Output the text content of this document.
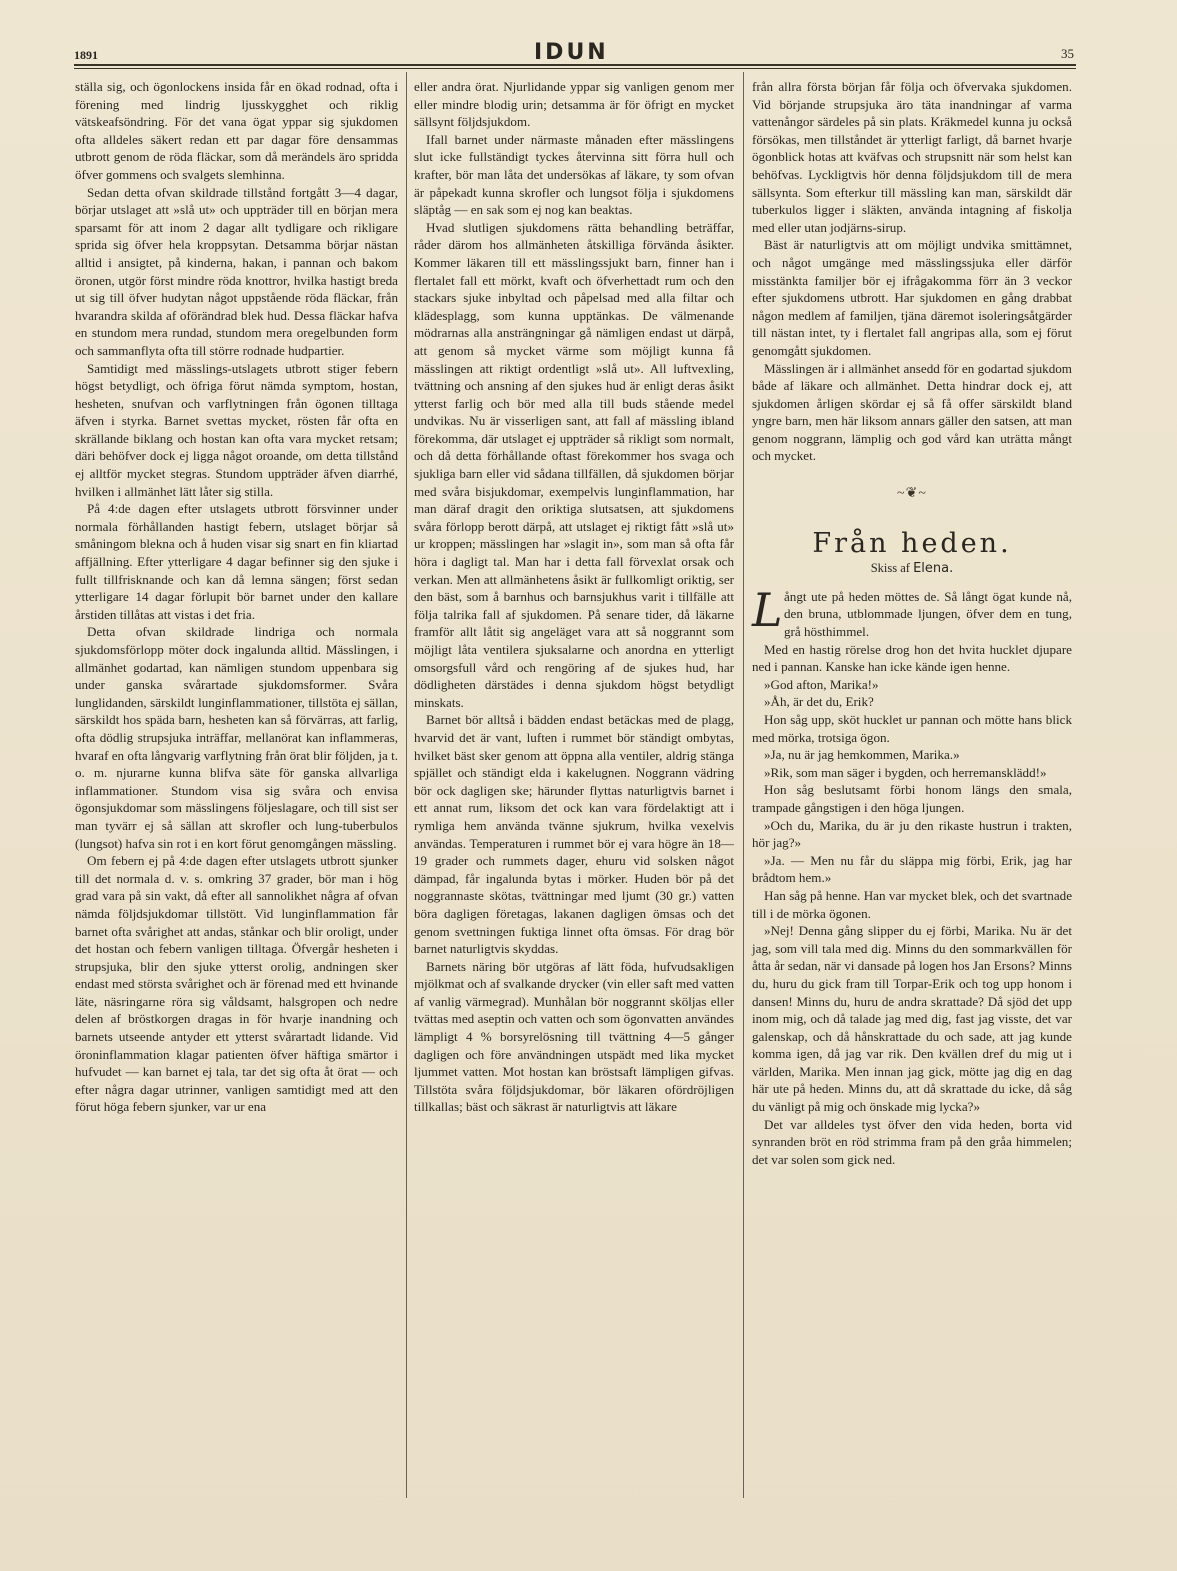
1891	IDUN	35

ställa sig, och ögonlockens insida får en ökad rodnad, ofta i förening med lindrig ljusskygghet och riklig vätskeafsöndring. För det vana ögat yppar sig sjukdomen ofta alldeles säkert redan ett par dagar före densammas utbrott genom de röda fläckar, som då merändels äro spridda öfver gommens och svalgets slemhinna.

Sedan detta ofvan skildrade tillstånd fortgått 3—4 dagar, börjar utslaget att »slå ut» och uppträder till en början mera sparsamt för att inom 2 dagar allt tydligare och rikligare sprida sig öfver hela kroppsytan. Detsamma börjar nästan alltid i ansigtet, på kinderna, hakan, i pannan och bakom öronen, utgör först mindre röda knottror, hvilka hastigt breda ut sig till öfver hudytan något uppstående röda fläckar, från hvarandra skilda af oförändrad blek hud. Dessa fläckar hafva en stundom mera rundad, stundom mera oregelbunden form och sammanflyta ofta till större rodnade hudpartier.

Samtidigt med mässlings-utslagets utbrott stiger febern högst betydligt, och öfriga förut nämda symptom, hostan, hesheten, snufvan och varflytningen från ögonen tilltaga äfven i styrka. Barnet svettas mycket, rösten får ofta en skrällande biklang och hostan kan ofta vara mycket retsam; däri behöfver dock ej ligga något oroande, om detta tillstånd ej alltför mycket stegras. Stundom uppträder äfven diarrhé, hvilken i allmänhet lätt låter sig stilla.

På 4:de dagen efter utslagets utbrott försvinner under normala förhållanden hastigt febern, utslaget börjar så småningom blekna och å huden visar sig snart en fin kliartad affjällning. Efter ytterligare 4 dagar befinner sig den sjuke i fullt tillfrisknande och kan då lemna sängen; först sedan ytterligare 14 dagar förlupit bör barnet under den kallare årstiden tillåtas att vistas i det fria.

Detta ofvan skildrade lindriga och normala sjukdomsförlopp möter dock ingalunda alltid. Mässlingen, i allmänhet godartad, kan nämligen stundom uppenbara sig under ganska svårartade sjukdomsformer. Svåra lunglidanden, särskildt lunginflammationer, tillstöta ej sällan, särskildt hos späda barn, hesheten kan så förvärras, att farlig, ofta dödlig strupsjuka inträffar, mellanörat kan inflammeras, hvaraf en ofta långvarig varflytning från örat blir följden, ja t. o. m. njurarne kunna blifva säte för ganska allvarliga inflammationer. Stundom visa sig svåra och envisa ögonsjukdomar som mässlingens följeslagare, och till sist ser man tyvärr ej så sällan att skrofler och lung-tuberbulos (lungsot) hafva sin rot i en kort förut genomgången mässling.

Om febern ej på 4:de dagen efter utslagets utbrott sjunker till det normala d. v. s. omkring 37 grader, bör man i hög grad vara på sin vakt, då efter all sannolikhet några af ofvan nämda följdsjukdomar tillstött. Vid lunginflammation får barnet ofta svårighet att andas, stånkar och blir oroligt, under det hostan och febern vanligen tilltaga. Öfvergår hesheten i strupsjuka, blir den sjuke ytterst orolig, andningen sker endast med största svårighet och är förenad med ett hvinande läte, näsringarne röra sig våldsamt, halsgropen och nedre delen af bröstkorgen dragas in för hvarje inandning och barnets utseende antyder ett ytterst svårartadt lidande. Vid öroninflammation klagar patienten öfver häftiga smärtor i hufvudet — kan barnet ej tala, tar det sig ofta åt örat — och efter några dagar utrinner, vanligen samtidigt med att den förut höga febern sjunker, var ur ena

eller andra örat. Njurlidande yppar sig vanligen genom mer eller mindre blodig urin; detsamma är för öfrigt en mycket sällsynt följdsjukdom.

Ifall barnet under närmaste månaden efter mässlingens slut icke fullständigt tyckes återvinna sitt förra hull och krafter, bör man låta det undersökas af läkare, ty som ofvan är påpekadt kunna skrofler och lungsot följa i sjukdomens släptåg — en sak som ej nog kan beaktas.

Hvad slutligen sjukdomens rätta behandling beträffar, råder därom hos allmänheten åtskilliga förvända åsikter. Kommer läkaren till ett mässlingssjukt barn, finner han i flertalet fall ett mörkt, kvaft och öfverhettadt rum och den stackars sjuke inbyltad och påpelsad med alla filtar och klädesplagg, som kunna upptänkas. De välmenande mödrarnas alla ansträngningar gå nämligen endast ut därpå, att genom så mycket värme som möjligt kunna få mässlingen att riktigt ordentligt »slå ut». All luftvexling, tvättning och ansning af den sjukes hud är enligt deras åsikt ytterst farlig och bör med alla till buds stående medel undvikas. Nu är visserligen sant, att fall af mässling ibland förekomma, där utslaget ej uppträder så rikligt som normalt, och då detta förhållande oftast förekommer hos svaga och sjukliga barn eller vid sådana tillfällen, då sjukdomen börjar med svåra bisjukdomar, exempelvis lunginflammation, har man däraf dragit den oriktiga slutsatsen, att sjukdomens svåra förlopp berott därpå, att utslaget ej riktigt fått »slå ut» ur kroppen; mässlingen har »slagit in», som man så ofta får höra i dagligt tal. Man har i detta fall förvexlat orsak och verkan. Men att allmänhetens åsikt är fullkomligt oriktig, ser den bäst, som å barnhus och barnsjukhus varit i tillfälle att följa talrika fall af sjukdomen. På senare tider, då läkarne framför allt låtit sig angeläget vara att så noggrannt som möjligt låta ventilera sjuksalarne och anordna en ytterligt omsorgsfull vård och rengöring af de sjukes hud, har dödligheten därstädes i denna sjukdom högst betydligt minskats.

Barnet bör alltså i bädden endast betäckas med de plagg, hvarvid det är vant, luften i rummet bör ständigt ombytas, hvilket bäst sker genom att öppna alla ventiler, aldrig stänga spjället och ständigt elda i kakelugnen. Noggrann vädring bör ock dagligen ske; härunder flyttas naturligtvis barnet i ett annat rum, liksom det ock kan vara fördelaktigt att i rymliga hem använda tvänne sjukrum, hvilka vexelvis användas. Temperaturen i rummet bör ej vara högre än 18—19 grader och rummets dager, ehuru vid solsken något dämpad, får ingalunda bytas i mörker. Huden bör på det noggrannaste skötas, tvättningar med ljumt (30 gr.) vatten böra dagligen företagas, lakanen dagligen ömsas och det genom svettningen fuktiga linnet ofta ömsas. För drag bör barnet naturligtvis skyddas.

Barnets näring bör utgöras af lätt föda, hufvudsakligen mjölkmat och af svalkande drycker (vin eller saft med vatten af vanlig värmegrad). Munhålan bör noggrannt sköljas eller tvättas med aseptin och vatten och som ögonvatten användes lämpligt 4 % borsyrelösning till tvättning 4—5 gånger dagligen och före användningen utspädt med lika mycket ljummet vatten. Mot hostan kan bröstsaft lämpligen gifvas. Tillstöta svåra följdsjukdomar, bör läkaren ofördröjligen tillkallas; bäst och säkrast är naturligtvis att läkare

från allra första början får följa och öfvervaka sjukdomen. Vid börjande strupsjuka äro täta inandningar af varma vattenångor särdeles på sin plats. Kräkmedel kunna ju också försökas, men tillståndet är ytterligt farligt, då barnet hvarje ögonblick hotas att kväfvas och strupsnitt när som helst kan behöfvas. Lyckligtvis hör denna följdsjukdom till de mera sällsynta. Som efterkur till mässling kan man, särskildt där tuberkulos ligger i släkten, använda intagning af fiskolja med eller utan jodjärns-sirup.

Bäst är naturligtvis att om möjligt undvika smittämnet, och något umgänge med mässlingssjuka eller därför misstänkta familjer bör ej ifrågakomma förr än 3 veckor efter sjukdomens utbrott. Har sjukdomen en gång drabbat någon medlem af familjen, tjäna däremot isoleringsåtgärder till nästan intet, ty i flertalet fall angripas alla, som ej förut genomgått sjukdomen.

Mässlingen är i allmänhet ansedd för en godartad sjukdom både af läkare och allmänhet. Detta hindrar dock ej, att sjukdomen årligen skördar ej så få offer särskildt bland yngre barn, men här liksom annars gäller den satsen, att man genom noggrann, lämplig och god vård kan uträtta mångt och mycket.

~❦~
Från heden.
Skiss af Elena.

Långt ute på heden möttes de. Så långt ögat kunde nå, den bruna, utblommade ljungen, öfver dem en tung, grå hösthimmel.

Med en hastig rörelse drog hon det hvita hucklet djupare ned i pannan. Kanske han icke kände igen henne.

»God afton, Marika!»

»Åh, är det du, Erik?

Hon såg upp, sköt hucklet ur pannan och mötte hans blick med mörka, trotsiga ögon.

»Ja, nu är jag hemkommen, Marika.»

»Rik, som man säger i bygden, och herremansklädd!»

Hon såg beslutsamt förbi honom längs den smala, trampade gångstigen i den höga ljungen.

»Och du, Marika, du är ju den rikaste hustrun i trakten, hör jag?»

»Ja. — Men nu får du släppa mig förbi, Erik, jag har brådtom hem.»

Han såg på henne. Han var mycket blek, och det svartnade till i de mörka ögonen.

»Nej! Denna gång slipper du ej förbi, Marika. Nu är det jag, som vill tala med dig. Minns du den sommarkvällen för åtta år sedan, när vi dansade på logen hos Jan Ersons? Minns du, huru du gick fram till Torpar-Erik och tog upp honom i dansen! Minns du, huru de andra skrattade? Då sjöd det upp inom mig, och då talade jag med dig, fast jag visste, det var galenskap, och då hånskrattade du och sade, att jag kunde komma igen, då jag var rik. Den kvällen dref du mig ut i världen, Marika. Men innan jag gick, mötte jag dig en dag här ute på heden. Minns du, att då skrattade du icke, då såg du vänligt på mig och önskade mig lycka?»

Det var alldeles tyst öfver den vida heden, borta vid synranden bröt en röd strimma fram på den gråa himmelen; det var solen som gick ned.
